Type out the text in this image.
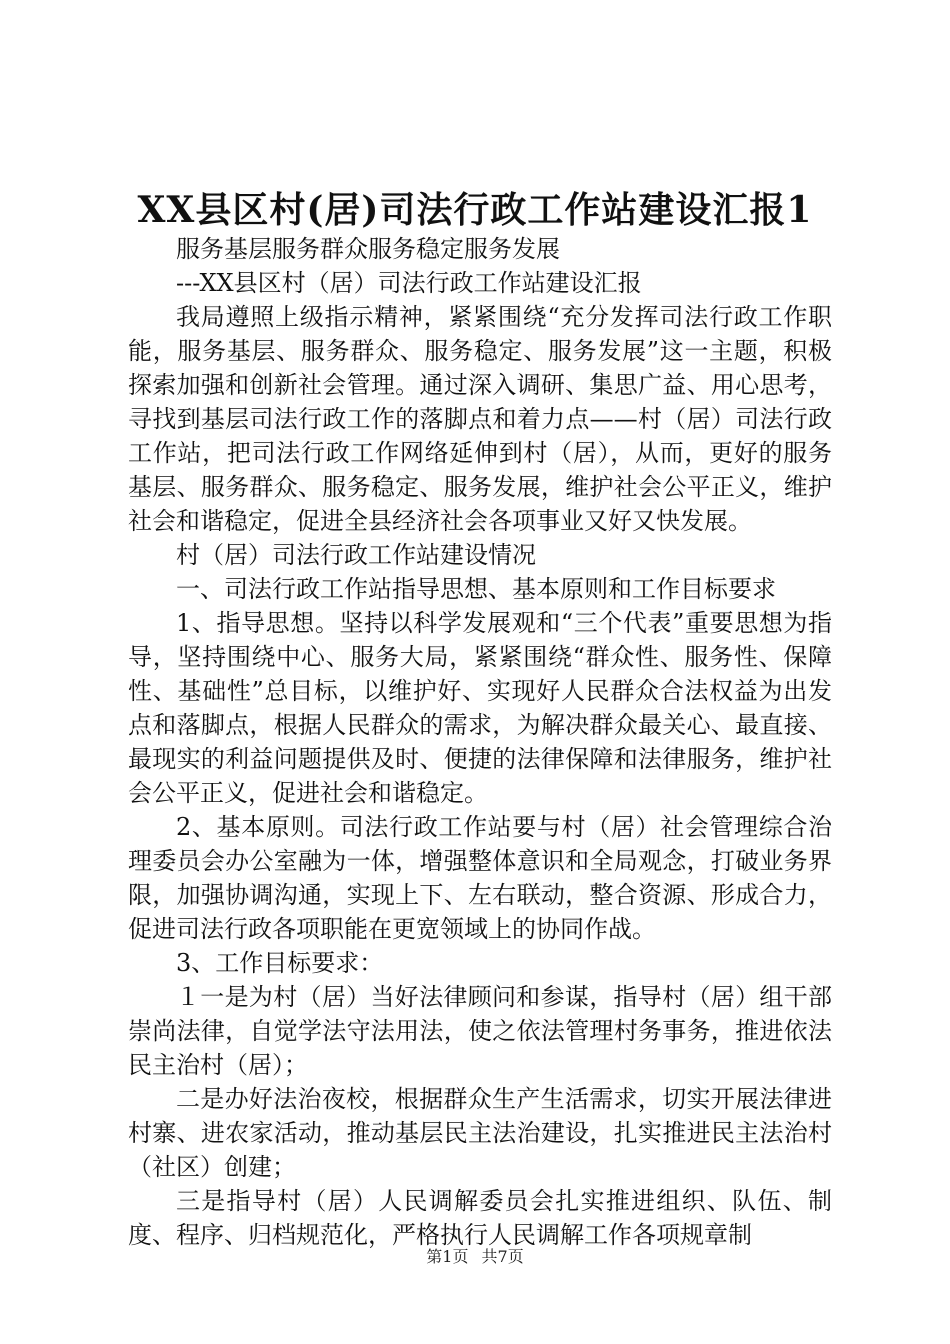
XX县区村(居)司法行政工作站建设汇报1

服务基层服务群众服务稳定服务发展

---XX县区村（居）司法行政工作站建设汇报

我局遵照上级指示精神，紧紧围绕“充分发挥司法行政工作职能，服务基层、服务群众、服务稳定、服务发展”这一主题，积极探索加强和创新社会管理。通过深入调研、集思广益、用心思考，寻找到基层司法行政工作的落脚点和着力点——村（居）司法行政工作站，把司法行政工作网络延伸到村（居），从而，更好的服务基层、服务群众、服务稳定、服务发展，维护社会公平正义，维护社会和谐稳定，促进全县经济社会各项事业又好又快发展。

村（居）司法行政工作站建设情况

一、司法行政工作站指导思想、基本原则和工作目标要求

1、指导思想。坚持以科学发展观和“三个代表”重要思想为指导，坚持围绕中心、服务大局，紧紧围绕“群众性、服务性、保障性、基础性”总目标，以维护好、实现好人民群众合法权益为出发点和落脚点，根据人民群众的需求，为解决群众最关心、最直接、最现实的利益问题提供及时、便捷的法律保障和法律服务，维护社会公平正义，促进社会和谐稳定。

2、基本原则。司法行政工作站要与村（居）社会管理综合治理委员会办公室融为一体，增强整体意识和全局观念，打破业务界限，加强协调沟通，实现上下、左右联动，整合资源、形成合力，促进司法行政各项职能在更宽领域上的协同作战。

3、工作目标要求：

１一是为村（居）当好法律顾问和参谋，指导村（居）组干部崇尚法律，自觉学法守法用法，使之依法管理村务事务，推进依法民主治村（居）；

二是办好法治夜校，根据群众生产生活需求，切实开展法律进村寨、进农家活动，推动基层民主法治建设，扎实推进民主法治村（社区）创建；

三是指导村（居）人民调解委员会扎实推进组织、队伍、制度、程序、归档规范化，严格执行人民调解工作各项规章制

第1页 共7页
